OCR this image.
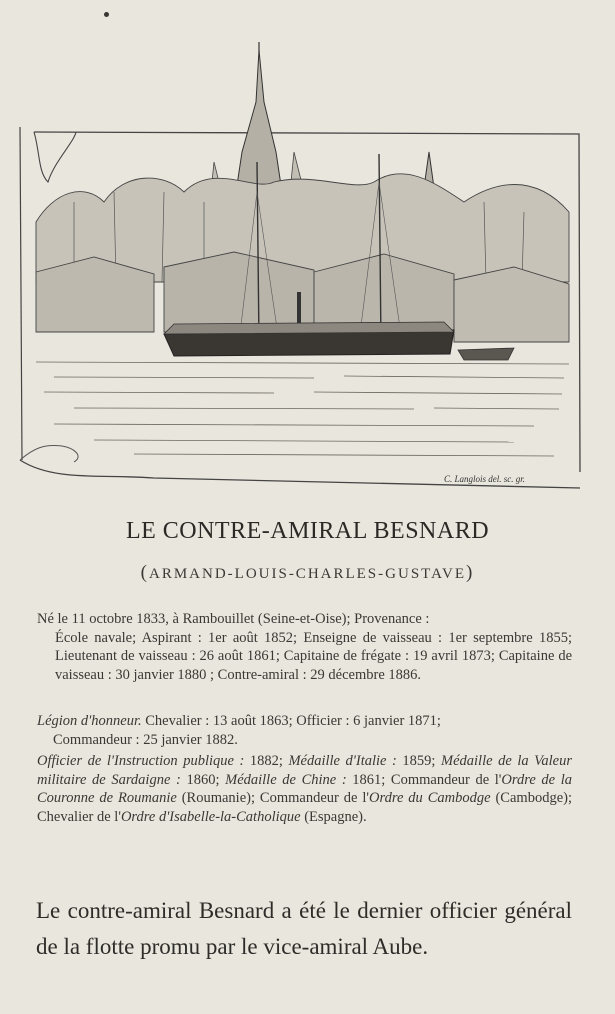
C. Langlois del. sc. gr.
LE CONTRE-AMIRAL BESNARD
(ARMAND-LOUIS-CHARLES-GUSTAVE)

Né le 11 octobre 1833, à Rambouillet (Seine-et-Oise); Provenance :
École navale; Aspirant : 1er août 1852; Enseigne de vaisseau : 1er septembre 1855; Lieutenant de vaisseau : 26 août 1861; Capitaine de frégate : 19 avril 1873; Capitaine de vaisseau : 30 janvier 1880 ; Contre-amiral : 29 décembre 1886.

Légion d'honneur. Chevalier : 13 août 1863; Officier : 6 janvier 1871;
Commandeur : 25 janvier 1882.

Officier de l'Instruction publique : 1882; Médaille d'Italie : 1859; Médaille de la Valeur militaire de Sardaigne : 1860; Médaille de Chine : 1861; Commandeur de l'Ordre de la Couronne de Roumanie (Roumanie); Commandeur de l'Ordre du Cambodge (Cambodge); Chevalier de l'Ordre d'Isabelle-la-Catholique (Espagne).

Le contre-amiral Besnard a été le dernier officier général de la flotte promu par le vice-amiral Aube.
